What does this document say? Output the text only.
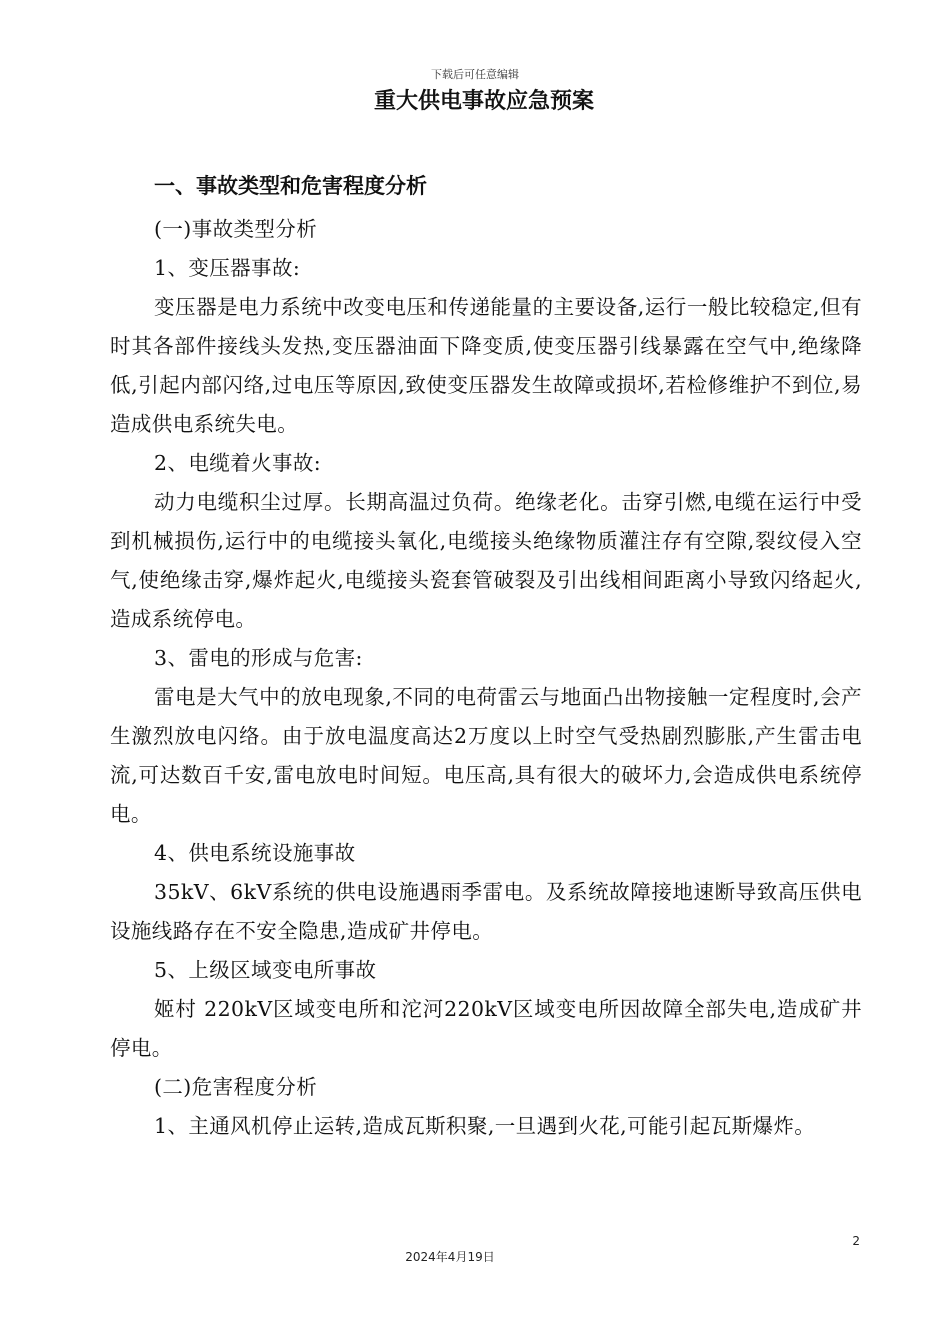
下载后可任意编辑
重大供电事故应急预案
一、事故类型和危害程度分析

(一)事故类型分析

1、变压器事故:

变压器是电力系统中改变电压和传递能量的主要设备,运行一般比较稳定,但有时其各部件接线头发热,变压器油面下降变质,使变压器引线暴露在空气中,绝缘降低,引起内部闪络,过电压等原因,致使变压器发生故障或损坏,若检修维护不到位,易造成供电系统失电。

2、电缆着火事故:

动力电缆积尘过厚。长期高温过负荷。绝缘老化。击穿引燃,电缆在运行中受到机械损伤,运行中的电缆接头氧化,电缆接头绝缘物质灌注存有空隙,裂纹侵入空气,使绝缘击穿,爆炸起火,电缆接头瓷套管破裂及引出线相间距离小导致闪络起火,造成系统停电。

3、雷电的形成与危害:

雷电是大气中的放电现象,不同的电荷雷云与地面凸出物接触一定程度时,会产生激烈放电闪络。由于放电温度高达2万度以上时空气受热剧烈膨胀,产生雷击电流,可达数百千安,雷电放电时间短。电压高,具有很大的破坏力,会造成供电系统停电。

4、供电系统设施事故

35kV、6kV系统的供电设施遇雨季雷电。及系统故障接地速断导致高压供电设施线路存在不安全隐患,造成矿井停电。

5、上级区域变电所事故

姬村 220kV区域变电所和沱河220kV区域变电所因故障全部失电,造成矿井停电。

(二)危害程度分析

1、主通风机停止运转,造成瓦斯积聚,一旦遇到火花,可能引起瓦斯爆炸。

2
2024年4月19日
